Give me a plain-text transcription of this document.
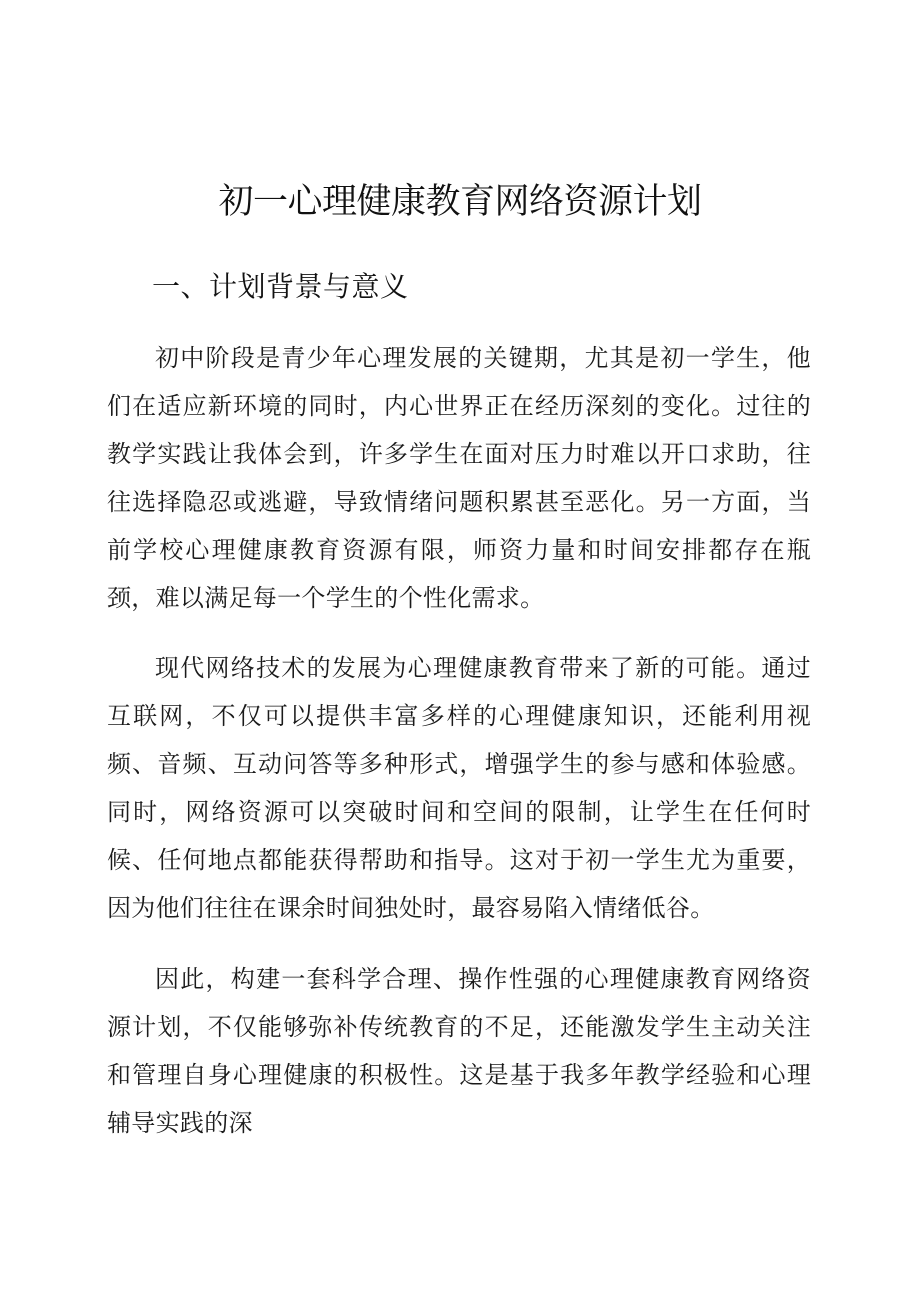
初一心理健康教育网络资源计划
一、计划背景与意义

初中阶段是青少年心理发展的关键期，尤其是初一学生，他们在适应新环境的同时，内心世界正在经历深刻的变化。过往的教学实践让我体会到，许多学生在面对压力时难以开口求助，往往选择隐忍或逃避，导致情绪问题积累甚至恶化。另一方面，当前学校心理健康教育资源有限，师资力量和时间安排都存在瓶颈，难以满足每一个学生的个性化需求。

现代网络技术的发展为心理健康教育带来了新的可能。通过互联网，不仅可以提供丰富多样的心理健康知识，还能利用视频、音频、互动问答等多种形式，增强学生的参与感和体验感。同时，网络资源可以突破时间和空间的限制，让学生在任何时候、任何地点都能获得帮助和指导。这对于初一学生尤为重要，因为他们往往在课余时间独处时，最容易陷入情绪低谷。

因此，构建一套科学合理、操作性强的心理健康教育网络资源计划，不仅能够弥补传统教育的不足，还能激发学生主动关注和管理自身心理健康的积极性。这是基于我多年教学经验和心理辅导实践的深
